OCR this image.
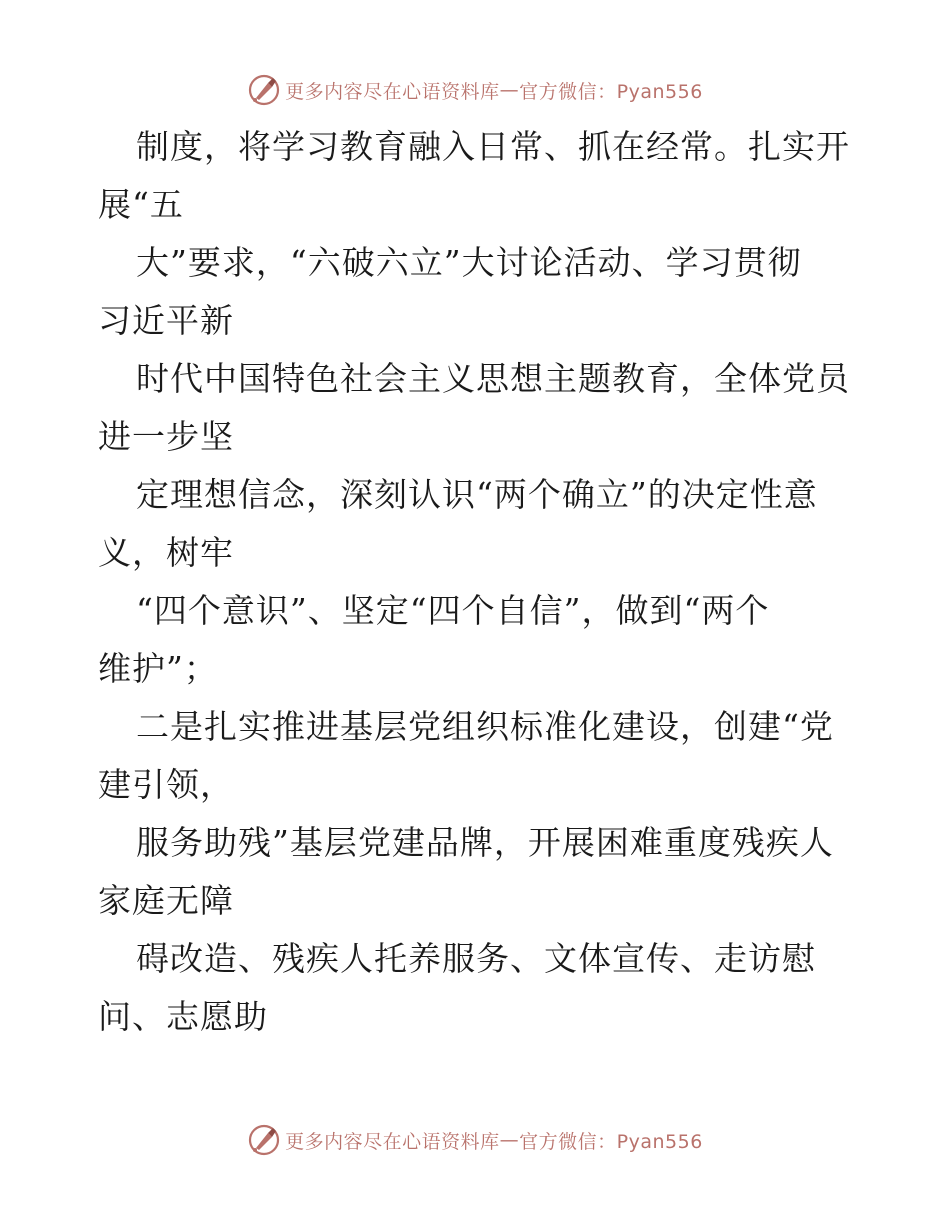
更多内容尽在心语资料库 — 官方微信：Pyan556
制度，将学习教育融入日常、抓在经常。扎实开
展“五
大”要求，“六破六立”大讨论活动、学习贯彻
习近平新
时代中国特色社会主义思想主题教育，全体党员
进一步坚
定理想信念，深刻认识“两个确立”的决定性意
义，树牢
“四个意识”、坚定“四个自信”，做到“两个
维护”；
二是扎实推进基层党组织标准化建设，创建“党
建引领，
服务助残”基层党建品牌，开展困难重度残疾人
家庭无障
碍改造、残疾人托养服务、文体宣传、走访慰
问、志愿助
更多内容尽在心语资料库 — 官方微信：Pyan556
